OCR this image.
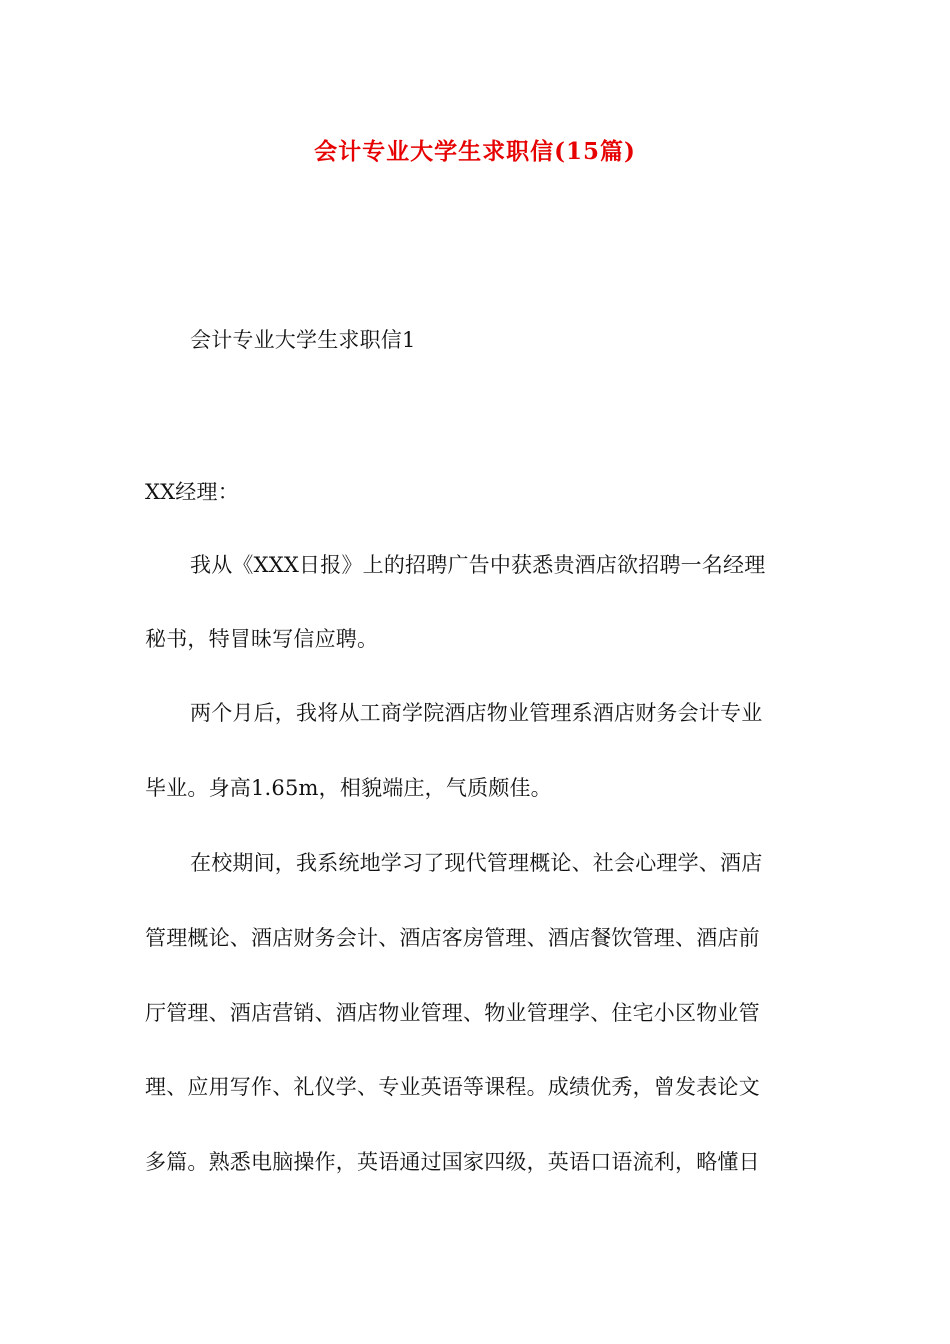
会计专业大学生求职信(15篇)
会计专业大学生求职信1
XX经理：
我从《XXX日报》上的招聘广告中获悉贵酒店欲招聘一名经理
秘书，特冒昧写信应聘。
两个月后，我将从工商学院酒店物业管理系酒店财务会计专业
毕业。身高1.65m，相貌端庄，气质颇佳。
在校期间，我系统地学习了现代管理概论、社会心理学、酒店
管理概论、酒店财务会计、酒店客房管理、酒店餐饮管理、酒店前
厅管理、酒店营销、酒店物业管理、物业管理学、住宅小区物业管
理、应用写作、礼仪学、专业英语等课程。成绩优秀，曾发表论文
多篇。熟悉电脑操作，英语通过国家四级，英语口语流利，略懂日
